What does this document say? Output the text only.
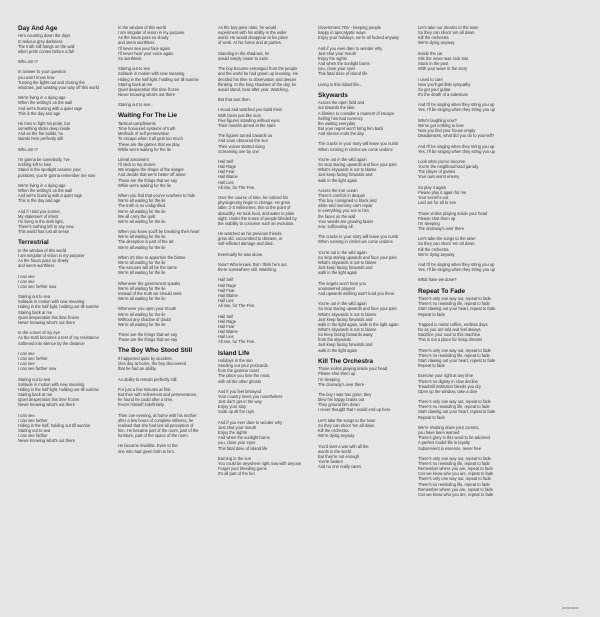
Day And Age
He's counting down the days
In tedious grey darkness
The truth still hangs on the wall
when pride comes before a fall
Who am I?
In answer to your question
you won't know how
Turning the lights out and closing the
windows, just wasting your way off this world
We're living in a dying age
When the writing's on the wall
And we're burning with a quiet rage
This is the day and age
He tries to fight his pride, but
something sticks deep inside
And as the fire builds, he
stands here perfectly still
Who am I?
I'm gonna be somebody, I've
nothing left to lose
Stand in the spotlight assume your
positions, you're gonna remember me now
We're living in a dying age
When the writing's on the wall
And we're burning with a quiet rage
This is the day and age
And if I told you sooner,
My statement of intent
I'm living in the dark light,
There's nothing left to say now,
This world has lost all sense
Terrestrial
In the window of this world
I am singular of vision in my purpose
As the hours pass so slowly
and seem worthless
I can see
I can see
I can see further now
Staring out to sea
Solitude in motion with new meaning
Hiding in the half light, holding out till sunrise
Staring back at me
Quiet desperation this time frozen
Never knowing what's out there
In the corner of my eye
As the truth becomes a test of my resistance
Softened into silence by the distance
I can see
I can see further
I can see
I can see further now
Staring out to sea
Solitude in motion with new meaning
Hiding in the half light, holding out till sunrise
Staring back at me
Quiet desperation this time frozen
Never knowing what's out there
I can see
I can see further
Hiding in the half, holding out till sunrise
Staring out to sea
I can see further
Never knowing what's out there
In the window of this world
I am singular of vision in my purpose
As the hours pass so slowly
and seem worthless
I'll never see your face again
I'll never hear your voice again
So worthless
Staring out to see
Solitude in motion with new meaning
Hiding in the half light, holding out till sunrise
Staring back at me
Quiet desperation this time frozen
Never knowing what's out there
Staring out to see...
Waiting For The Lie
Tactical compliments
Time honoured systems of truth
Methods of self preservation
To escape when it all gets too much
These are the games that we play
While we're waiting for the lie
Literal armament
I'll stick to my stories
We imagine the shape of the danger
And decide that we're better off alone
These are the things that we say
While we're waiting for the lie
When you find that you've nowhere to hide
We're all waiting for the lie
The truth is no undignified
We're all waiting for the lie
We all carry the guilt
We're all waiting for the lie
When you know you'll be breaking their heart
We're all waiting for the lie
The deception is part of the art
We're all waiting for the lie
When it's time to apportion the blame
We're all waiting for the lie
The excuses will all be the same
We're all waiting for the lie
Whenever the government speaks
We're all waiting for the lie
Instead of the truth we should seek
We're all waiting for the lie
Whenever you open your mouth
We're all waiting for the lie
Without any shadow of doubt
We're all waiting for the lie
These are the things that we say
These are the things that we say
The Boy Who Stood Still
It happened quite by accident,
One day at home, the boy discovered
that he had an ability.
An ability to remain perfectly still.
For just a few minutes at first.
But then with refinement and perseverance,
he found he could after a time,
freeze himself indefinitely.
Then one evening, at home with his mother
after a few hours of complete stillness, he
realised that she had lost all perception of
him. He became part of the room, part of the
furniture, part of the space of the room.
He became invisible. Even to the
one who had given birth to him.
As the boy grew older, he would
experiment with his ability in the wider
world. He would disappear at his place
of work. At his home and at parties.
Standing in the shadows, he
would simply cease to exist.
The boy became estranged from the people
and the world he had grown up knowing. He
decided his time to observation and deeper
thinking. In the long shadows of the day, he
would stand, hear after year. Watching.
But that was then.
I stood and watched you build them
With faces just like ours
Five figures standing without eyes
Their mouths aimed at the stars
The figures turned towards us
And soon obscured the sun
Their voices started rising
Screaming one by one
Hail Self
Hail Rage
Hail Fear
Hail Blame
Hail Lies
All rise, for The Five.
Over the course of time, he noticed his
physiognomy begin to change. He grew
taller. 2-3 millimetres, thin to the point of
absurdity. He took food, and water in plain
sight. Under the noses of people blinded by
the inability to conceive such an evolution.
He watched as his previous friends
grew old, succumbed to disease, or
self-inflicted damage and died.
Eventually he was alone.
Now? Who knows. But I think he's out
there somewhere still. Watching.
Hail Self
Hail Rage
Hail Fear
Hail Blame
Hail Lies
All rise, for The Five.
Hail Self
Hail Rage
Hail Fear
Hail Blame
Hail Lies
All rise, for The Five.
Island Life
Holidays in the sun
Sending out your postcards
from the gamma coast
The place you love the most,
with all the other ghosts
And if you feel betrayed
Your country loves you nonetheless
Just don't get in the way
Enjoy your stay
Soak up all the rays
And if you ever dare to wonder why
Just shut your mouth
Enjoy the sights
And when the sunlight burns
you, close your eyes
This fatal dose of island life
Burning in the sun
You could be anywhere right now with anyone
Forget your bleeding gums
It's all part of the fun
Government TBV - keeping people
happy in apocalyptic ways
Enjoy your holidays, we're all fucked anyway
And if you ever dare to wonder why
Just shut your mouth
Enjoy the sights
And when the sunlight burns
you, close your eyes
This fatal dose of island life
Living in this island life...
Skywards
Across the open field and
out towards the lake
A lifetime to consider a moment of escape
Selling him had currency
the waiting everyday
But your regret won't bring him back
And silence ends the day
The cracks in your story will leave you numb
When running in circles we come undone
You're out in the wild again
So stop staring upwards and face your pain
What's skywards is not to blame
Just keep facing forwards and
walk in the light again
Across the iron ocean
There's comfort in despair
This boy consigned to black and
white and memory can't repair
In everything you see in him
the faces on the wall
Your weeds are growing faster
now, suffocating all
The cracks in your story will leave you numb
When running in circles we come undone
You're out in the wild again
So stop staring upwards and face your pain
What's skywards is not to blame
Just keep facing forwards and
walk in the light again
The angels won't hear you
unanswered prayers
And upwards wishing won't lead you there
You're out in the wild again
So stop staring upwards and face your pain
What's skywards is not to blame
Just keep facing forwards and
walk in the light again, walk in the light again
What's skywards is not to blame
So keep facing forwards away
from the skywards
Just keep facing forwards and
walk in the light again
Kill The Orchestra
Those violins playing inside your head
Please shut them up
I'm sleeping
The doorway's over there
The boy I was has gone; they
blew his happy brains out
They ground him down
I never thought that I would end up here
Let's take the songs to the town
So they can shoot 'em all down
Kill the orchestra
We're dying anyway
You'd start a war with all the
words in the world
But they're not enough
You're beaten
And no one really cares
Let's take our dreams to the town
So they can shoot 'em all down
Kill the orchestra
We're dying anyway
Inside the car
Sits the never was rock star
Stuck in the past
With your wave in the story
I used to care
Now you'll get little sympathy
So get your guitar
It's the death of a salesman
And I'll be singing when they string you up
Yes, I'll be singing when they string you up
Who's laughing now?
We've got nothing to lose
Now you find your house empty
Deadamsms, what did you do to yourself?
And I'll be singing when they string you up
Yes, I'll be singing when they string you up
Look what you've become
You're the neighbourhood parody
The player of games
Your own worst enemy
So play it again
Please play it again for me
Your secret's out
Laid out for all to see
Those violins playing inside your head
Please shut them up
I'm sleeping
The doorway's over there
Let's take the songs to the town
So they can shoot 'em all down
Kill the orchestra
We're dying anyway
And I'll be singing when they string you up
Yes, I'll be singing when they string you up
What have we done?
Repeat To Fade
There's only one way out, repeat to fade
There's no rewinding life, repeat to fade
Start clawing out your heart, repeat to fade
Repeat to fade
Trapped in metal coffins, endless days
Do as you are told and feel always
Sacrifice your soul to this machine
This is not a place for living dreams
There's only one way out, repeat to fade
There's no rewinding life, repeat to fade
Start clawing out your heart, repeat to fade
Repeat to fade
Exercise your right at any time
There's no dignity in slow decline
Treadmill institution bleeds you dry
Open up the window, take a dive
There's only one way out, repeat to fade
There's no rewinding life, repeat to fade
Start clawing out your heart, repeat to fade
Repeat to fade
We're shutting down your comms,
you have been warned
There's glory in this word to be adorned
A perfect model life in loyalty
Subservient in essence, never free
There's only one way out, repeat to fade
There's no rewinding life, repeat to fade
Remember where you are, repeat to fade
Cos we know who you are, repeat to fade
There's only one way out, repeat to fade
There's no rewinding life, repeat to fade
Remember where you are, repeat to fade
Cos we know who you are, repeat to fade
0000000000
